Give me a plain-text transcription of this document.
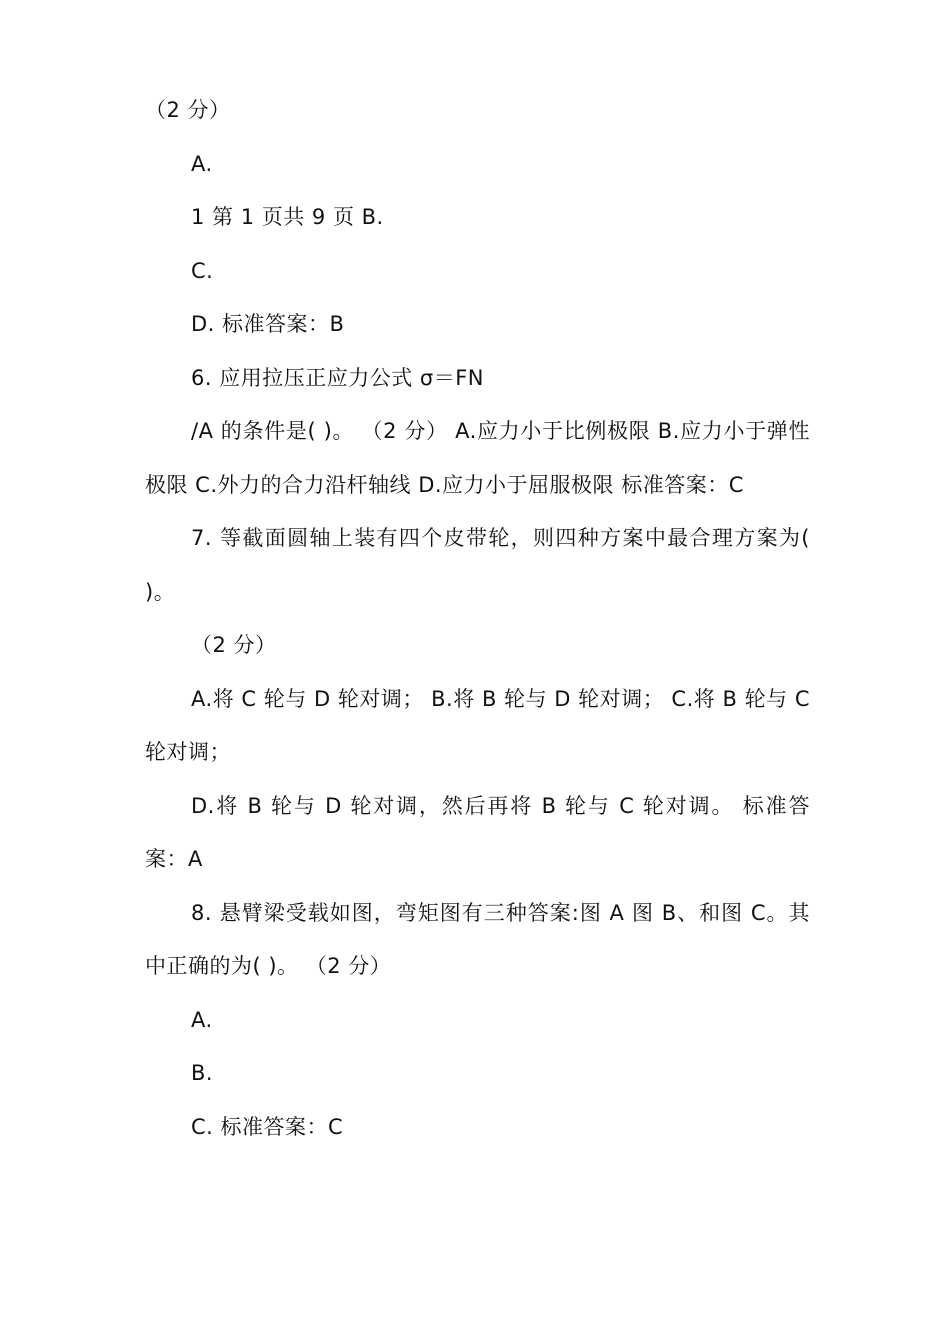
（2 分）

A.

1 第 1 页共 9 页 B.

C.

D. 标准答案：B

6. 应用拉压正应力公式 σ＝FN

/A 的条件是( )。 （2 分） A.应力小于比例极限 B.应力小于弹性极限 C.外力的合力沿杆轴线 D.应力小于屈服极限 标准答案：C

7. 等截面圆轴上装有四个皮带轮，则四种方案中最合理方案为( )。

（2 分）

A.将 C 轮与 D 轮对调； B.将 B 轮与 D 轮对调； C.将 B 轮与 C 轮对调；

D.将 B 轮与 D 轮对调，然后再将 B 轮与 C 轮对调。 标准答案：A

8. 悬臂梁受载如图，弯矩图有三种答案:图 A 图 B、和图 C。其中正确的为( )。 （2 分）

A.

B.

C. 标准答案：C
